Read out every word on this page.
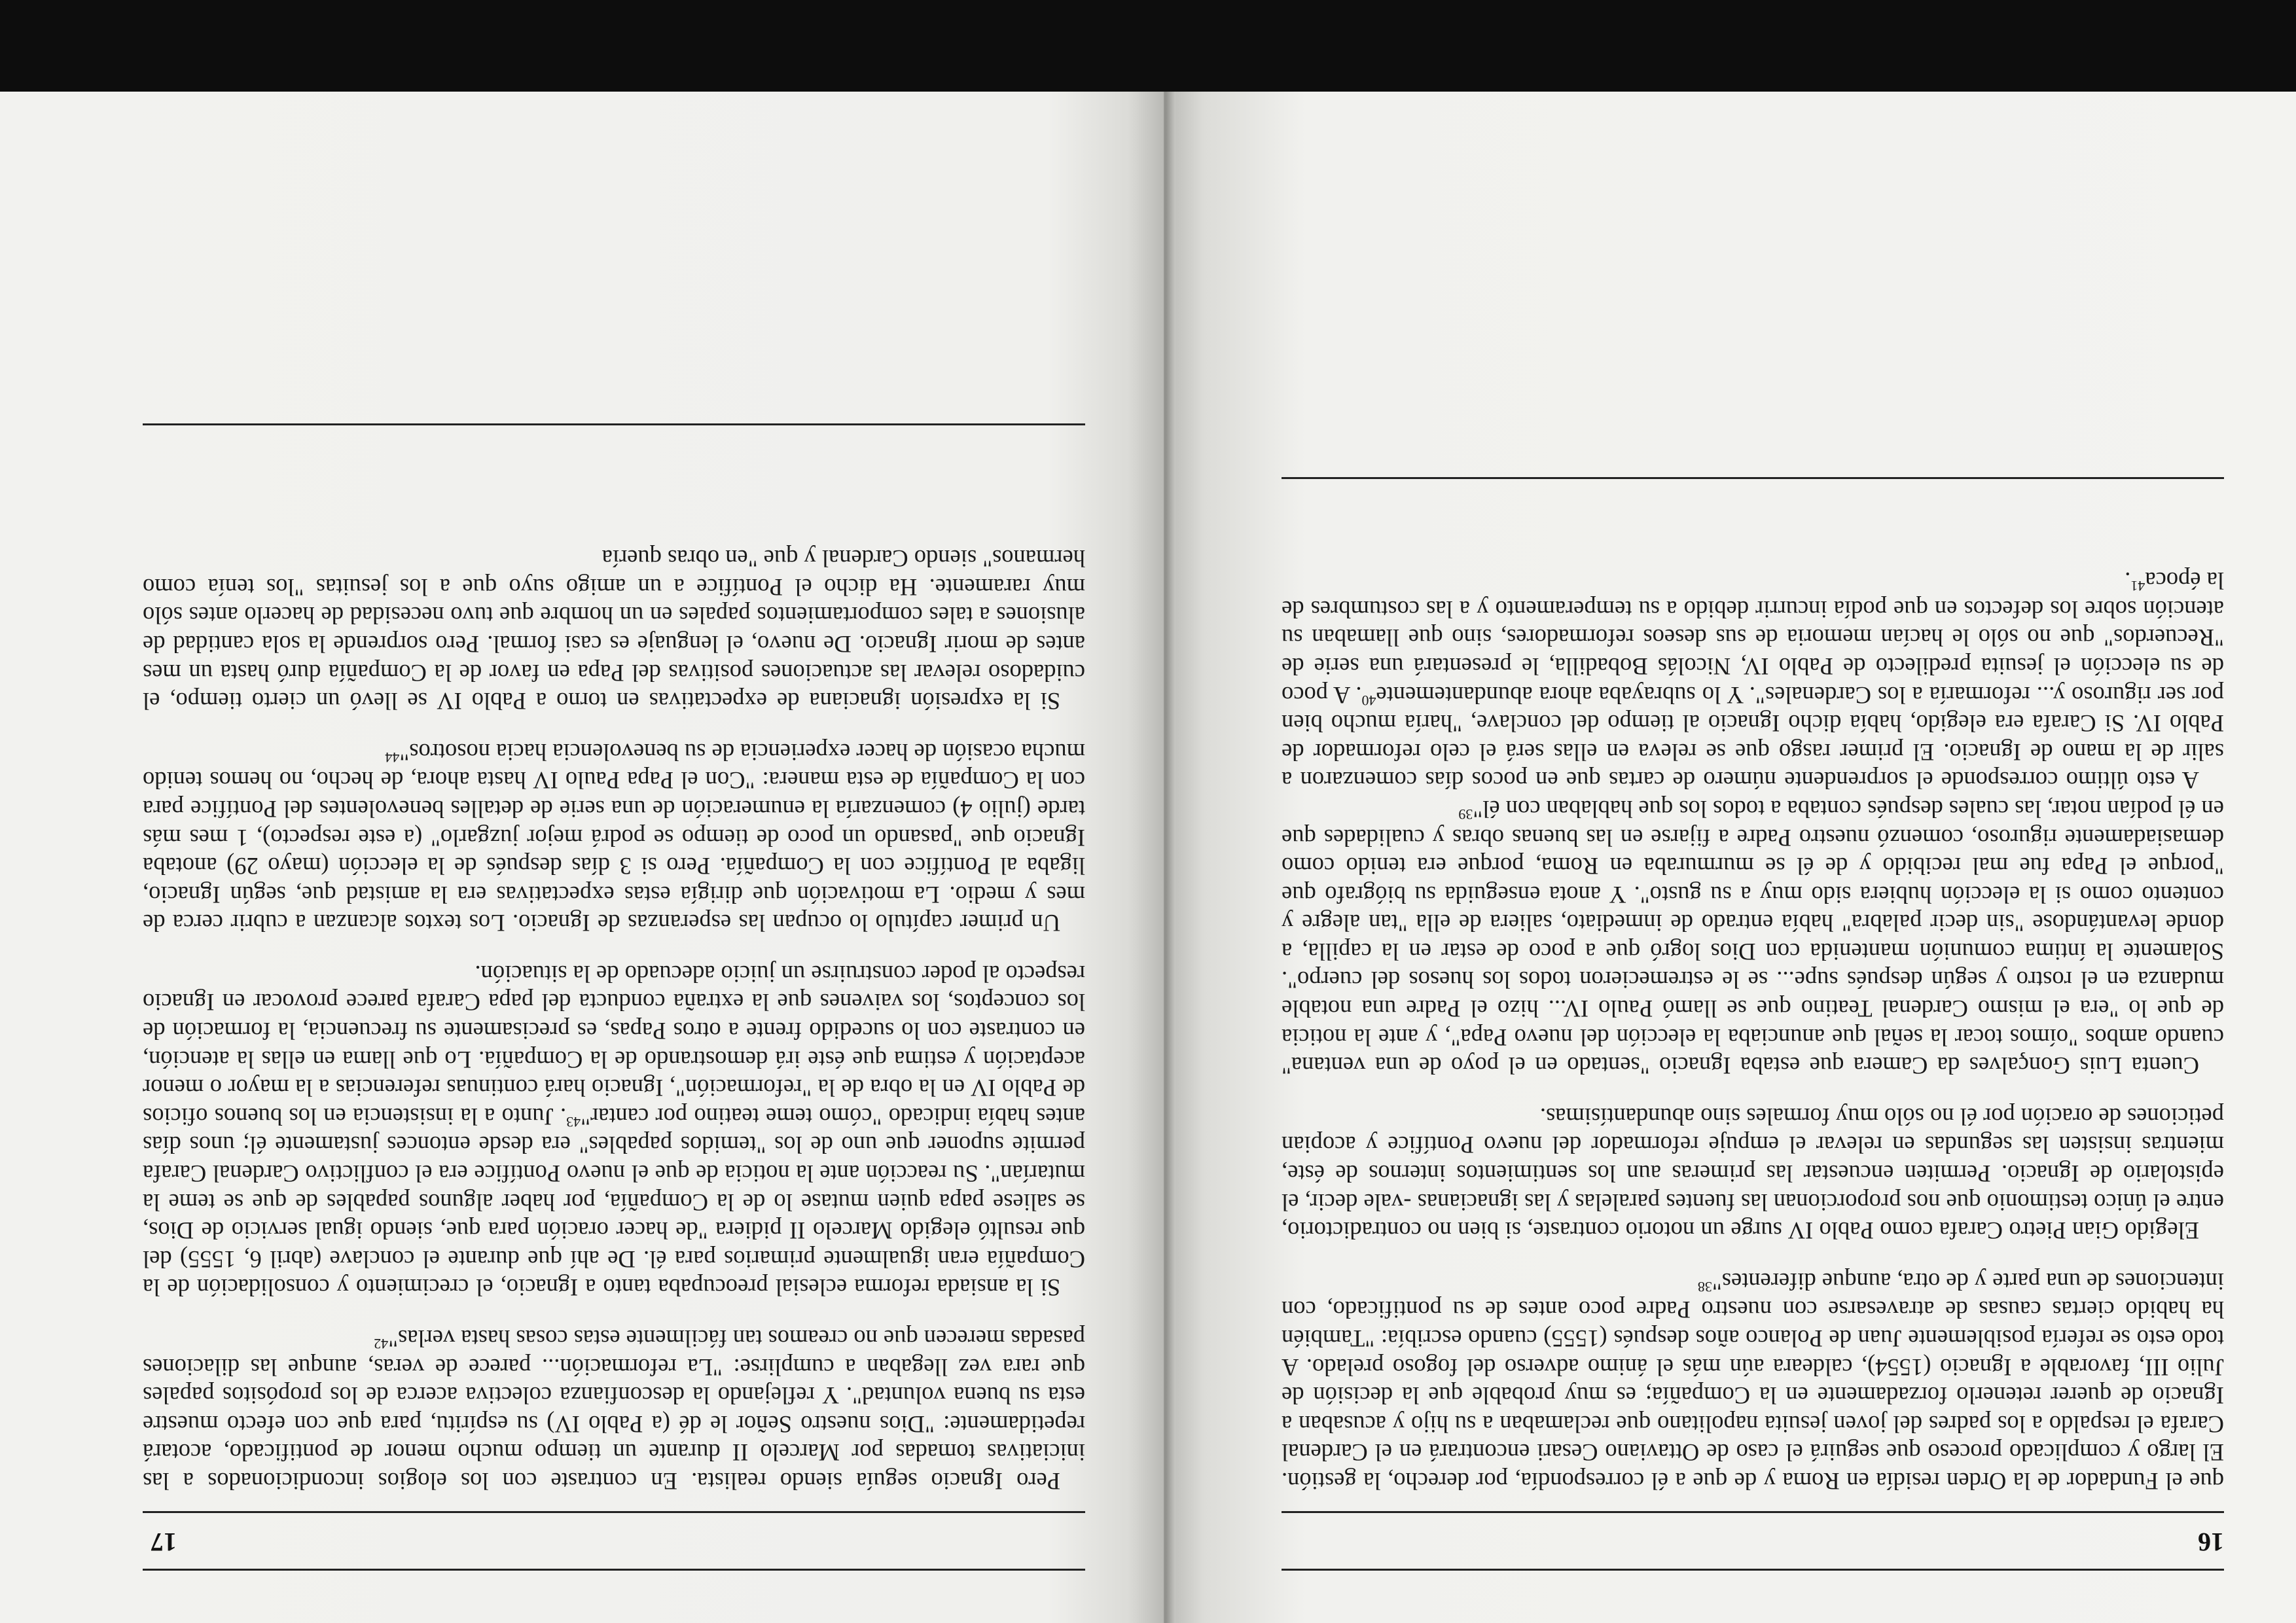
16

que el Fundador de la Orden residía en Roma y de que a él correspondía, por derecho, la gestión. El largo y complicado proceso que seguirá el caso de Ottaviano Cesari encontrará en el Cardenal Carafa el respaldo a los padres del joven jesuita napolitano que reclamaban a su hijo y acusaban a Ignacio de querer retenerlo forzadamente en la Compañía; es muy probable que la decisión de Julio III, favorable a Ignacio (1554), caldeara aún más el ánimo adverso del fogoso prelado. A todo esto se refería posiblemente Juan de Polanco años después (1555) cuando escribía: "También ha habido ciertas causas de atravesarse con nuestro Padre poco antes de su pontificado, con intenciones de una parte y de otra, aunque diferentes"$^{38}$

Elegido Gian Pietro Carafa como Pablo IV surge un notorio contraste, si bien no contradictorio, entre el único testimonio que nos proporcionan las fuentes paralelas y las ignacianas -vale decir, el epistolario de Ignacio. Permiten encuestar las primeras aun los sentimientos internos de éste, mientras insisten las segundas en relevar el empuje reformador del nuevo Pontífice y acopian peticiones de oración por él no sólo muy formales sino abundantísimas.

Cuenta Luis Gonçalves da Camera que estaba Ignacio "sentado en el poyo de una ventana" cuando ambos "oímos tocar la señal que anunciaba la elección del nuevo Papa", y ante la noticia de que lo "era el mismo Cardenal Teatino que se llamó Paulo IV... hizo el Padre una notable mudanza en el rostro y según después supe... se le estremecieron todos los huesos del cuerpo". Solamente la íntima comunión mantenida con Dios logró que a poco de estar en la capilla, a donde levantándose "sin decir palabra" había entrado de inmediato, saliera de ella "tan alegre y contento como si la elección hubiera sido muy a su gusto". Y anota enseguida su biógrafo que "porque el Papa fue mal recibido y de él se murmuraba en Roma, porque era tenido como demasiadamente riguroso, comenzó nuestro Padre a fijarse en las buenas obras y cualidades que en él podían notar, las cuales después contaba a todos los que hablaban con él"$^{39}$

A esto último corresponde el sorprendente número de cartas que en pocos días comenzaron a salir de la mano de Ignacio. El primer rasgo que se releva en ellas será el celo reformador de Pablo IV. Si Carafa era elegido, había dicho Ignacio al tiempo del conclave, "haría mucho bien por ser riguroso y... reformaría a los Cardenales". Y lo subrayaba ahora abundantemente$^{40}$. A poco de su elección el jesuita predilecto de Pablo IV, Nicolás Bobadilla, le presentará una serie de "Recuerdos" que no sólo le hacían memoria de sus deseos reformadores, sino que llamaban su atención sobre los defectos en que podía incurrir debido a su temperamento y a las costumbres de la época$^{41}$.

17

Pero Ignacio seguía siendo realista. En contraste con los elogios incondicionados a las iniciativas tomadas por Marcelo II durante un tiempo mucho menor de pontificado, acotará repetidamente: "Dios nuestro Señor le dé (a Pablo IV) su espíritu, para que con efecto muestre esta su buena voluntad". Y reflejando la desconfianza colectiva acerca de los propósitos papales que rara vez llegaban a cumplirse: "La reformación... parece de veras, aunque las dilaciones pasadas merecen que no creamos tan fácilmente estas cosas hasta verlas"$^{42}$

Si la ansiada reforma eclesial preocupaba tanto a Ignacio, el crecimiento y consolidación de la Compañía eran igualmente primarios para él. De ahí que durante el conclave (abril 6, 1555) del que resultó elegido Marcelo II pidiera "de hacer oración para que, siendo igual servicio de Dios, se saliese papa quien mutase lo de la Compañía, por haber algunos papables de que se teme la mutarían". Su reacción ante la noticia de que el nuevo Pontífice era el conflictivo Cardenal Carafa permite suponer que uno de los "temidos papables" era desde entonces justamente él; unos días antes había indicado "cómo teme teatino por cantar"$^{43}$. Junto a la insistencia en los buenos oficios de Pablo IV en la obra de la "reformación", Ignacio hará continuas referencias a la mayor o menor aceptación y estima que éste irá demostrando de la Compañía. Lo que llama en ellas la atención, en contraste con lo sucedido frente a otros Papas, es precisamente su frecuencia, la formación de los conceptos, los vaivenes que la extraña conducta del papa Carafa parece provocar en Ignacio respecto al poder construirse un juicio adecuado de la situación.

Un primer capítulo lo ocupan las esperanzas de Ignacio. Los textos alcanzan a cubrir cerca de mes y medio. La motivación que dirigía estas expectativas era la amistad que, según Ignacio, ligaba al Pontífice con la Compañía. Pero si 3 días después de la elección (mayo 29) anotaba Ignacio que "pasando un poco de tiempo se podrá mejor juzgarlo" (a este respecto), 1 mes más tarde (julio 4) comenzaría la enumeración de una serie de detalles benevolentes del Pontífice para con la Compañía de esta manera: "Con el Papa Paulo IV hasta ahora, de hecho, no hemos tenido mucha ocasión de hacer experiencia de su benevolencia hacia nosotros"$^{44}$

Si la expresión ignaciana de expectativas en torno a Pablo IV se llevó un cierto tiempo, el cuidadoso relevar las actuaciones positivas del Papa en favor de la Compañía duró hasta un mes antes de morir Ignacio. De nuevo, el lenguaje es casi formal. Pero sorprende la sola cantidad de alusiones a tales comportamientos papales en un hombre que tuvo necesidad de hacerlo antes sólo muy raramente. Ha dicho el Pontífice a un amigo suyo que a los jesuitas "los tenía como hermanos" siendo Cardenal y que "en obras quería
